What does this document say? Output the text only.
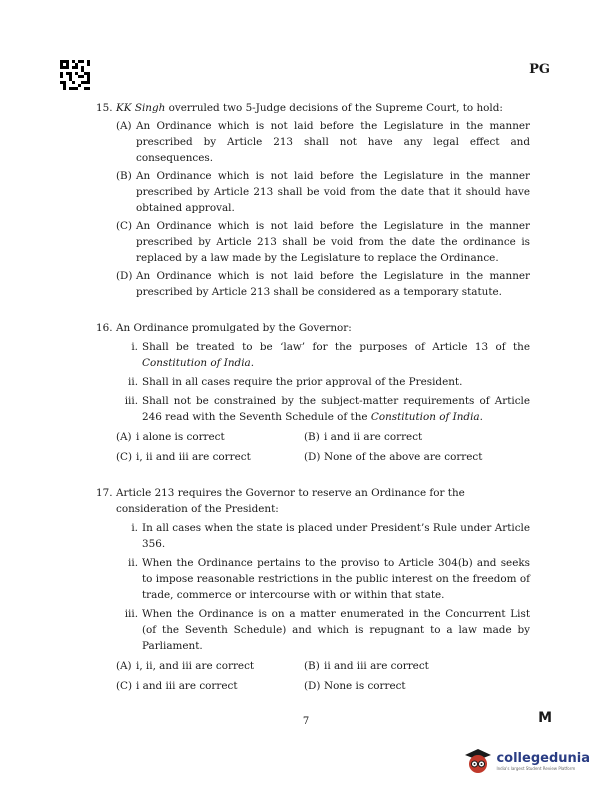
PG
15. KK Singh overruled two 5-Judge decisions of the Supreme Court, to hold:
(A) An Ordinance which is not laid before the Legislature in the manner prescribed by Article 213 shall not have any legal effect and consequences.
(B) An Ordinance which is not laid before the Legislature in the manner prescribed by Article 213 shall be void from the date that it should have obtained approval.
(C) An Ordinance which is not laid before the Legislature in the manner prescribed by Article 213 shall be void from the date the ordinance is replaced by a law made by the Legislature to replace the Ordinance.
(D) An Ordinance which is not laid before the Legislature in the manner prescribed by Article 213 shall be considered as a temporary statute.
16. An Ordinance promulgated by the Governor:
i. Shall be treated to be ‘law’ for the purposes of Article 13 of the Constitution of India.
ii. Shall in all cases require the prior approval of the President.
iii. Shall not be constrained by the subject-matter requirements of Article 246 read with the Seventh Schedule of the Constitution of India.
(A) i alone is correct	(B) i and ii are correct
(C) i, ii and iii are correct	(D) None of the above are correct
17. Article 213 requires the Governor to reserve an Ordinance for the consideration of the President:
i. In all cases when the state is placed under President’s Rule under Article 356.
ii. When the Ordinance pertains to the proviso to Article 304(b) and seeks to impose reasonable restrictions in the public interest on the freedom of trade, commerce or intercourse with or within that state.
iii. When the Ordinance is on a matter enumerated in the Concurrent List (of the Seventh Schedule) and which is repugnant to a law made by Parliament.
(A) i, ii, and iii are correct	(B) ii and iii are correct
(C) i and iii are correct	(D) None is correct
7	M
collegedunia
India's largest Student Review Platform
